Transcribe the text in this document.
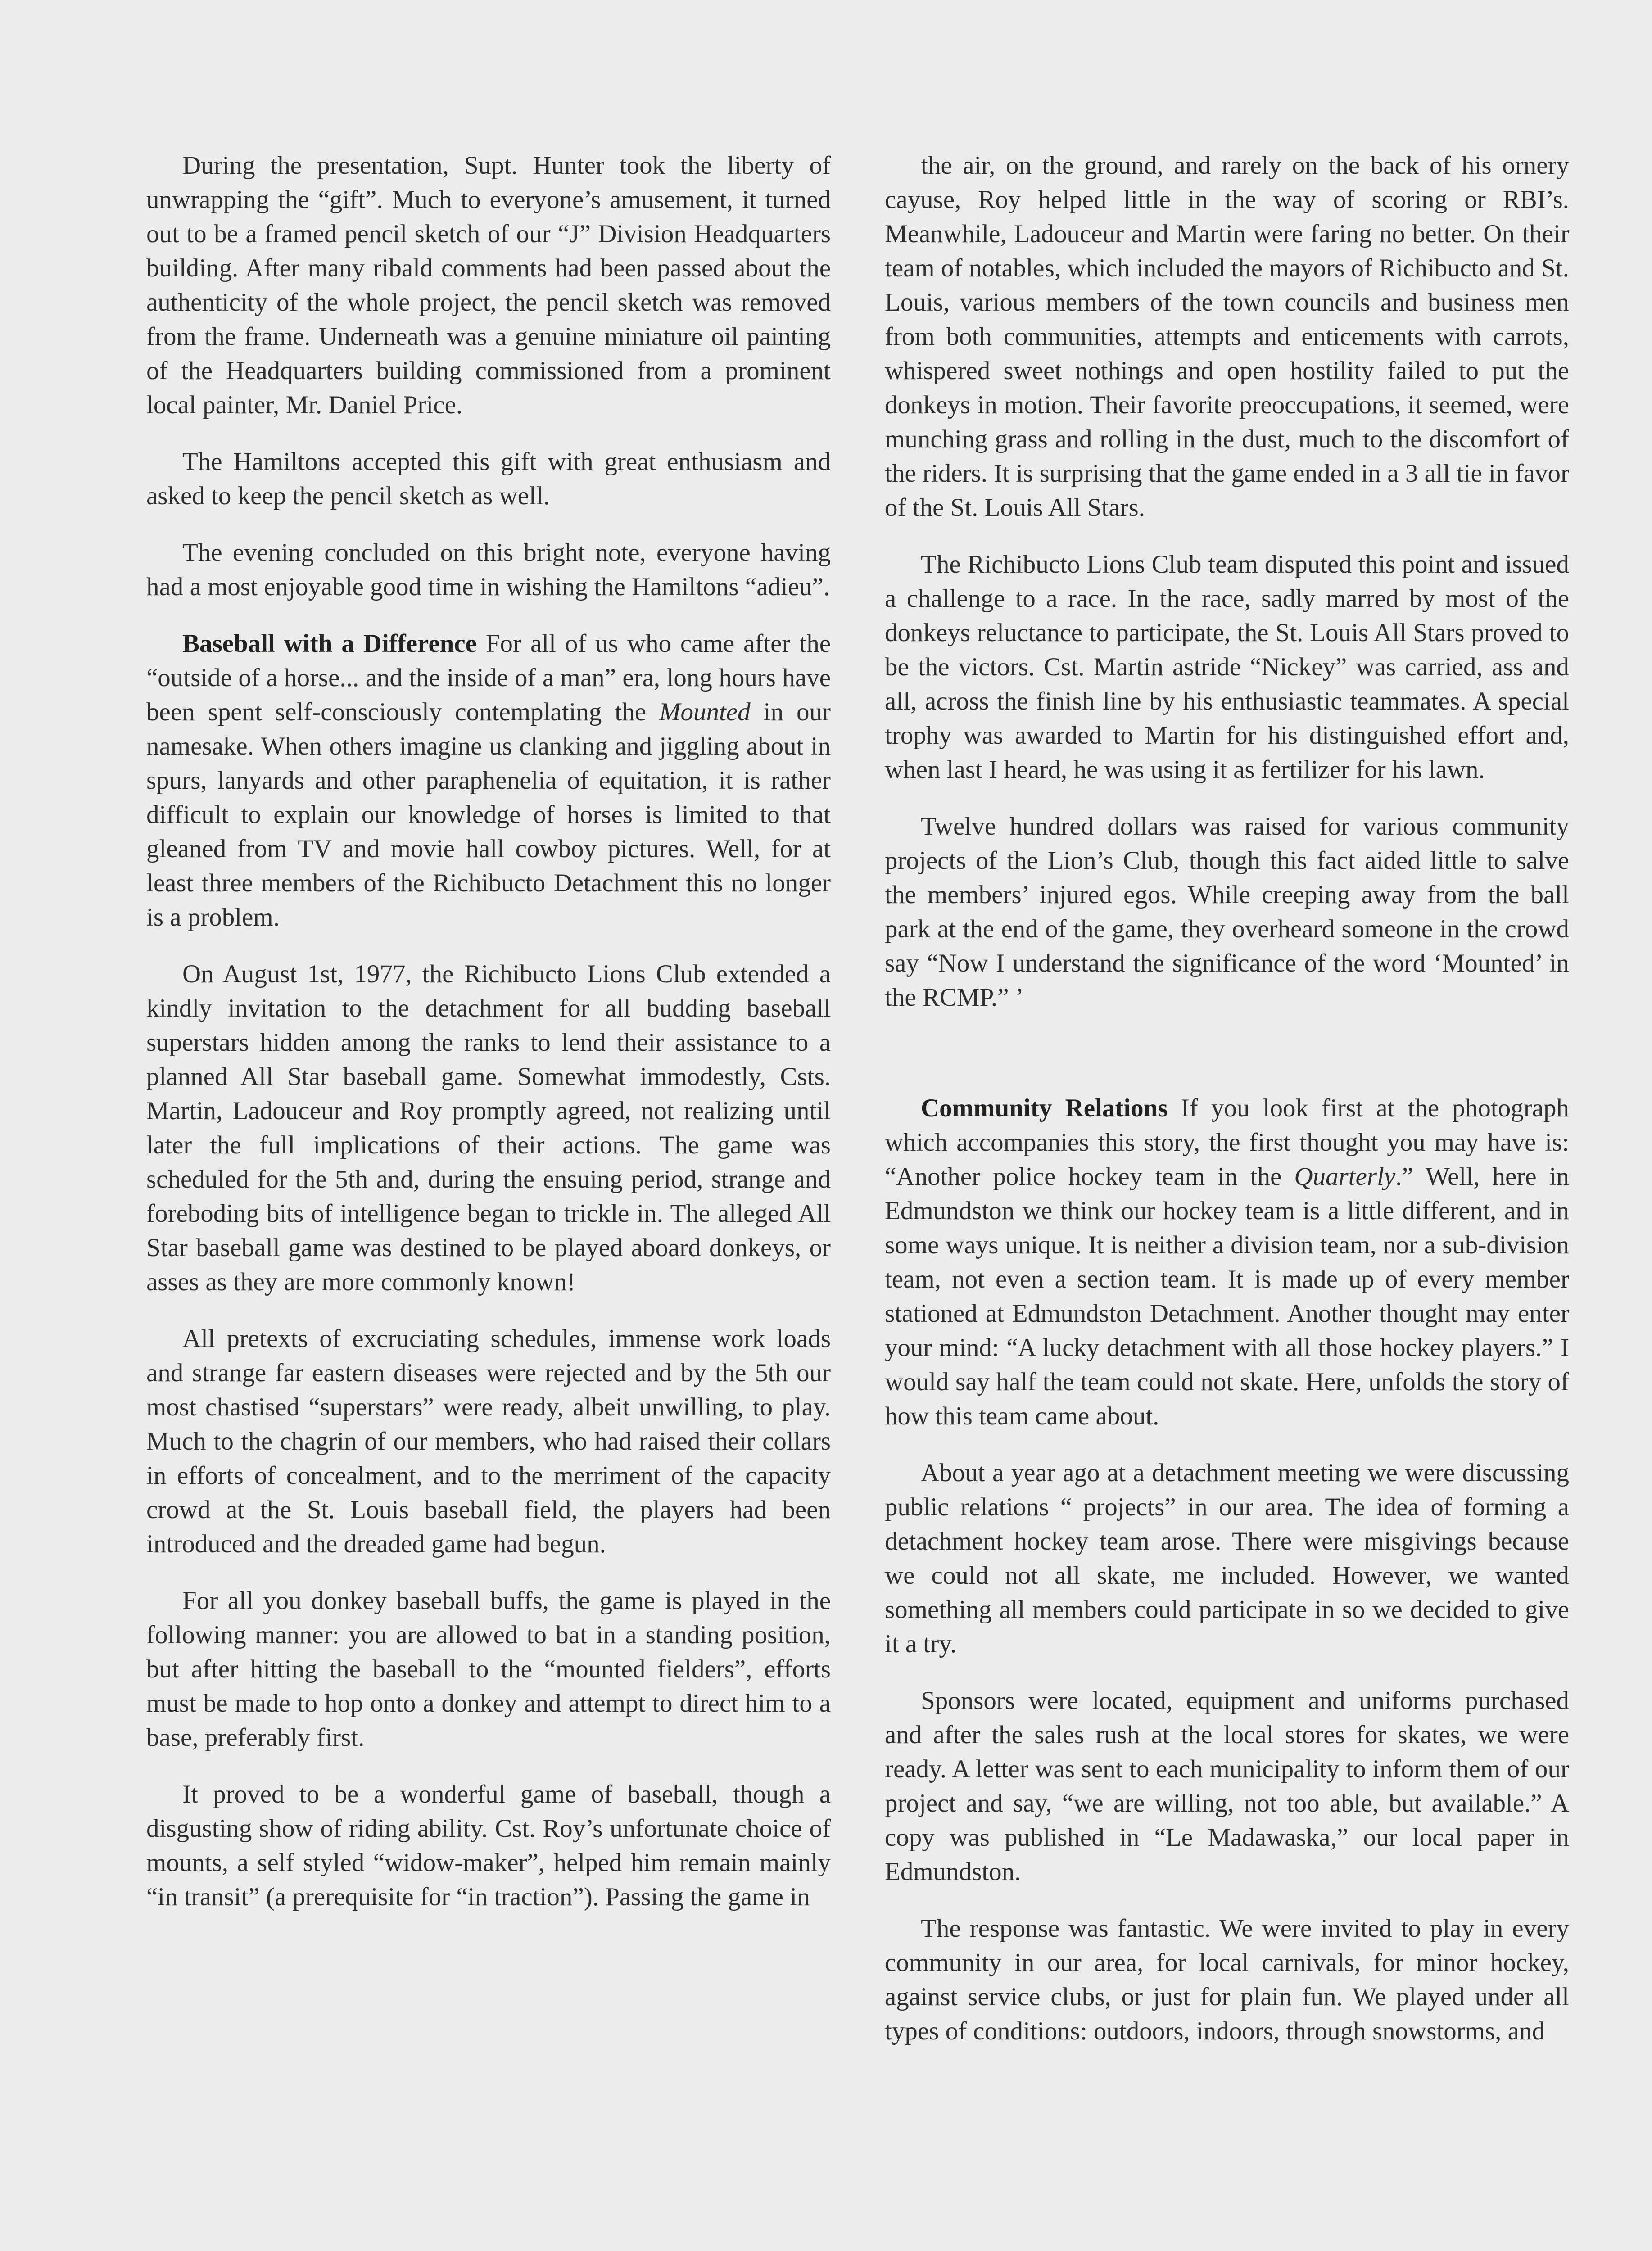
During the presentation, Supt. Hunter took the liberty of unwrapping the “gift”. Much to everyone’s amusement, it turned out to be a framed pencil sketch of our “J” Division Headquarters building. After many ribald comments had been passed about the authenticity of the whole project, the pencil sketch was removed from the frame. Underneath was a genuine miniature oil painting of the Headquarters building commissioned from a prominent local painter, Mr. Daniel Price.

The Hamiltons accepted this gift with great enthusiasm and asked to keep the pencil sketch as well.

The evening concluded on this bright note, everyone having had a most enjoyable good time in wishing the Hamiltons “adieu”.

Baseball with a Difference For all of us who came after the “outside of a horse... and the inside of a man” era, long hours have been spent self-consciously contemplating the Mounted in our namesake. When others imagine us clanking and jiggling about in spurs, lanyards and other paraphenelia of equitation, it is rather difficult to explain our knowledge of horses is limited to that gleaned from TV and movie hall cowboy pictures. Well, for at least three members of the Richibucto Detachment this no longer is a problem.

On August 1st, 1977, the Richibucto Lions Club extended a kindly invitation to the detachment for all budding baseball superstars hidden among the ranks to lend their assistance to a planned All Star baseball game. Somewhat immodestly, Csts. Martin, Ladouceur and Roy promptly agreed, not realizing until later the full implications of their actions. The game was scheduled for the 5th and, during the ensuing period, strange and foreboding bits of intelligence began to trickle in. The alleged All Star baseball game was destined to be played aboard donkeys, or asses as they are more commonly known!

All pretexts of excruciating schedules, immense work loads and strange far eastern diseases were rejected and by the 5th our most chastised “superstars” were ready, albeit unwilling, to play. Much to the chagrin of our members, who had raised their collars in efforts of concealment, and to the merriment of the capacity crowd at the St. Louis baseball field, the players had been introduced and the dreaded game had begun.

For all you donkey baseball buffs, the game is played in the following manner: you are allowed to bat in a standing position, but after hitting the baseball to the “mounted fielders”, efforts must be made to hop onto a donkey and attempt to direct him to a base, preferably first.

It proved to be a wonderful game of baseball, though a disgusting show of riding ability. Cst. Roy’s unfortunate choice of mounts, a self styled “widow-maker”, helped him remain mainly “in transit” (a prerequisite for “in traction”). Passing the game in

the air, on the ground, and rarely on the back of his ornery cayuse, Roy helped little in the way of scoring or RBI’s. Meanwhile, Ladouceur and Martin were faring no better. On their team of notables, which included the mayors of Richibucto and St. Louis, various members of the town councils and business men from both communities, attempts and enticements with carrots, whispered sweet nothings and open hostility failed to put the donkeys in motion. Their favorite preoccupations, it seemed, were munching grass and rolling in the dust, much to the discomfort of the riders. It is surprising that the game ended in a 3 all tie in favor of the St. Louis All Stars.

The Richibucto Lions Club team disputed this point and issued a challenge to a race. In the race, sadly marred by most of the donkeys reluctance to participate, the St. Louis All Stars proved to be the victors. Cst. Martin astride “Nickey” was carried, ass and all, across the finish line by his enthusiastic teammates. A special trophy was awarded to Martin for his distinguished effort and, when last I heard, he was using it as fertilizer for his lawn.

Twelve hundred dollars was raised for various community projects of the Lion’s Club, though this fact aided little to salve the members’ injured egos. While creeping away from the ball park at the end of the game, they overheard someone in the crowd say “Now I understand the significance of the word ‘Mounted’ in the RCMP.” ’

Community Relations If you look first at the photograph which accompanies this story, the first thought you may have is: “Another police hockey team in the Quarterly.” Well, here in Edmundston we think our hockey team is a little different, and in some ways unique. It is neither a division team, nor a sub-division team, not even a section team. It is made up of every member stationed at Edmundston Detachment. Another thought may enter your mind: “A lucky detachment with all those hockey players.” I would say half the team could not skate. Here, unfolds the story of how this team came about.

About a year ago at a detachment meeting we were discussing public relations “ projects” in our area. The idea of forming a detachment hockey team arose. There were misgivings because we could not all skate, me included. However, we wanted something all members could participate in so we decided to give it a try.

Sponsors were located, equipment and uniforms purchased and after the sales rush at the local stores for skates, we were ready. A letter was sent to each municipality to inform them of our project and say, “we are willing, not too able, but available.” A copy was published in “Le Madawaska,” our local paper in Edmundston.

The response was fantastic. We were invited to play in every community in our area, for local carnivals, for minor hockey, against service clubs, or just for plain fun. We played under all types of conditions: outdoors, indoors, through snowstorms, and
